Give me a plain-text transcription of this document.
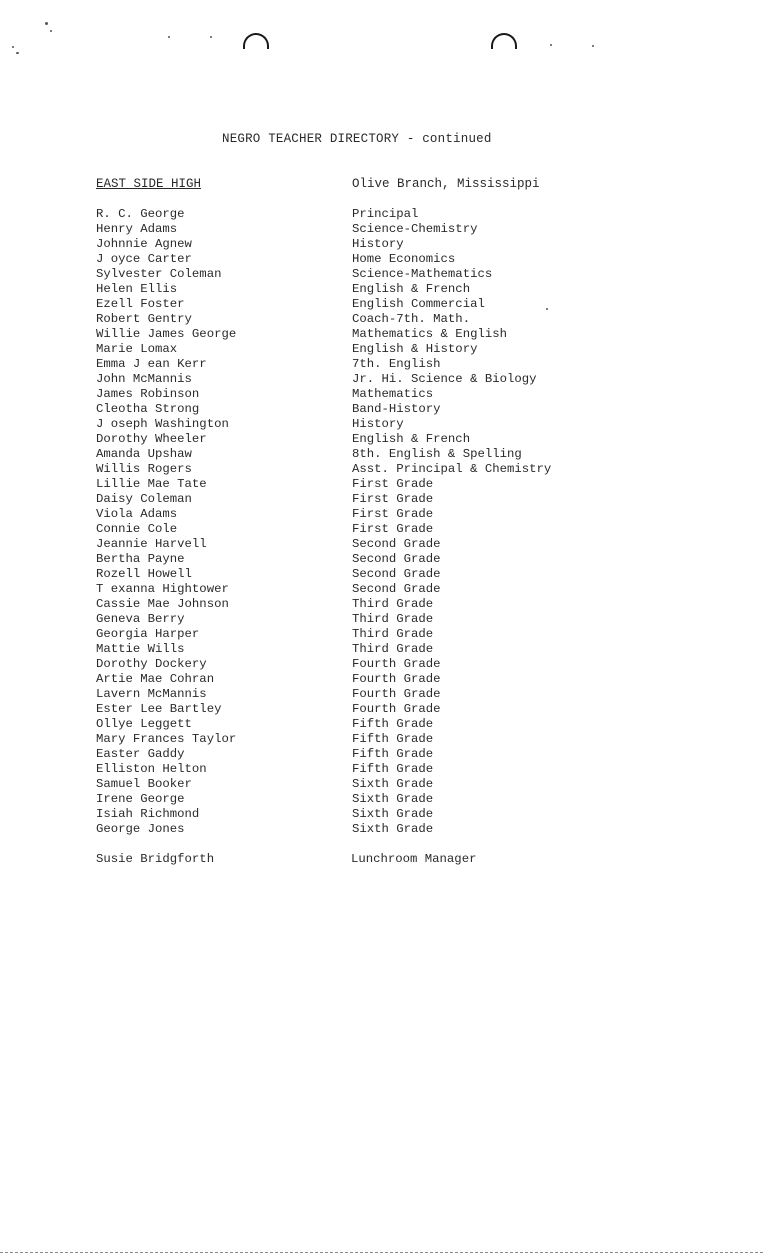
NEGRO TEACHER DIRECTORY - continued
EAST SIDE HIGH	Olive Branch, Mississippi
R. C. George
Henry Adams
Johnnie Agnew
J oyce Carter
Sylvester Coleman
Helen Ellis
Ezell Foster
Robert Gentry
Willie James George
Marie Lomax
Emma J ean Kerr
John McMannis
James Robinson
Cleotha Strong
J oseph Washington
Dorothy Wheeler
Amanda Upshaw
Willis Rogers
Lillie Mae Tate
Daisy Coleman
Viola Adams
Connie Cole
Jeannie Harvell
Bertha Payne
Rozell Howell
T exanna Hightower
Cassie Mae Johnson
Geneva Berry
Georgia Harper
Mattie Wills
Dorothy Dockery
Artie Mae Cohran
Lavern McMannis
Ester Lee Bartley
Ollye Leggett
Mary Frances Taylor
Easter Gaddy
Elliston Helton
Samuel Booker
Irene George
Isiah Richmond
George Jones
Principal
Science-Chemistry
History
Home Economics
Science-Mathematics
English & French
English Commercial
Coach-7th. Math.
Mathematics & English
English & History
7th. English
Jr. Hi. Science & Biology
Mathematics
Band-History
History
English & French
8th. English & Spelling
Asst. Principal & Chemistry
First Grade
First Grade
First Grade
First Grade
Second Grade
Second Grade
Second Grade
Second Grade
Third Grade
Third Grade
Third Grade
Third Grade
Fourth Grade
Fourth Grade
Fourth Grade
Fourth Grade
Fifth Grade
Fifth Grade
Fifth Grade
Fifth Grade
Sixth Grade
Sixth Grade
Sixth Grade
Sixth Grade
Susie Bridgforth	Lunchroom Manager
